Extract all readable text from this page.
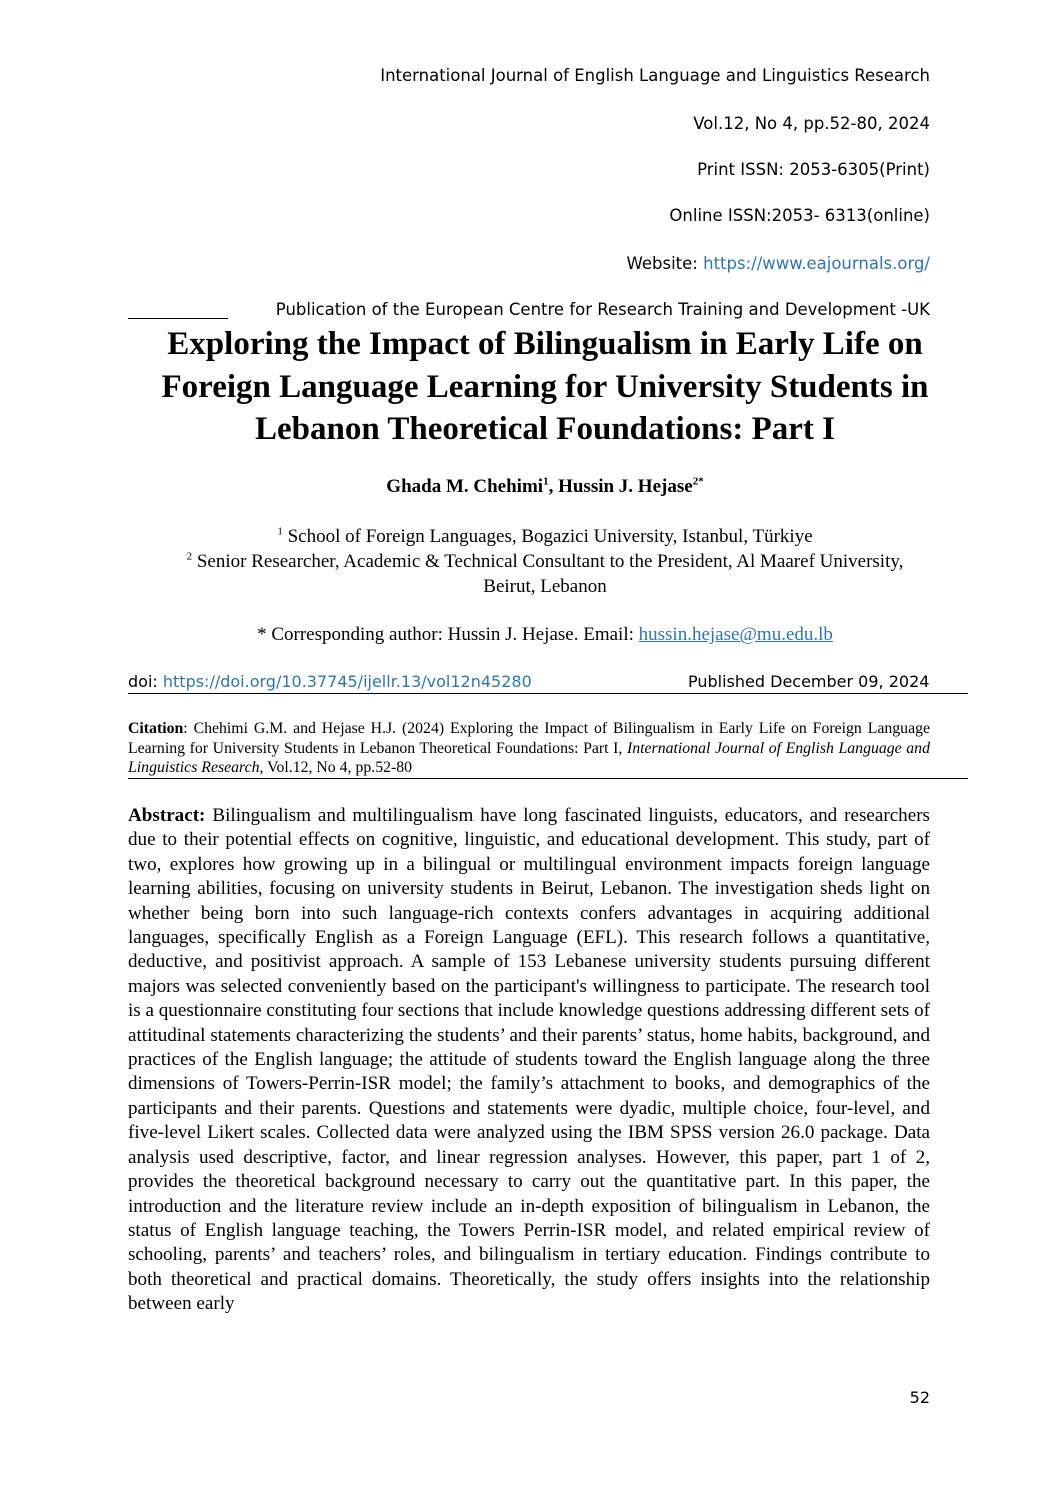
International Journal of English Language and Linguistics Research
Vol.12, No 4, pp.52-80, 2024
Print ISSN: 2053-6305(Print)
Online ISSN:2053- 6313(online)
Website: https://www.eajournals.org/
Publication of the European Centre for Research Training and Development -UK
Exploring the Impact of Bilingualism in Early Life on
Foreign Language Learning for University Students in
Lebanon Theoretical Foundations: Part I
Ghada M. Chehimi$^1$, Hussin J. Hejase$^{2*}$
$^1$ School of Foreign Languages, Bogazici University, Istanbul, Türkiye
$^2$ Senior Researcher, Academic & Technical Consultant to the President, Al Maaref University,
Beirut, Lebanon
* Corresponding author: Hussin J. Hejase. Email: hussin.hejase@mu.edu.lb
doi: https://doi.org/10.37745/ijellr.13/vol12n45280	Published December 09, 2024
Citation: Chehimi G.M. and Hejase H.J. (2024) Exploring the Impact of Bilingualism in Early Life on Foreign Language Learning for University Students in Lebanon Theoretical Foundations: Part I, International Journal of English Language and Linguistics Research, Vol.12, No 4, pp.52-80
Abstract: Bilingualism and multilingualism have long fascinated linguists, educators, and researchers due to their potential effects on cognitive, linguistic, and educational development. This study, part of two, explores how growing up in a bilingual or multilingual environment impacts foreign language learning abilities, focusing on university students in Beirut, Lebanon. The investigation sheds light on whether being born into such language-rich contexts confers advantages in acquiring additional languages, specifically English as a Foreign Language (EFL). This research follows a quantitative, deductive, and positivist approach. A sample of 153 Lebanese university students pursuing different majors was selected conveniently based on the participant's willingness to participate. The research tool is a questionnaire constituting four sections that include knowledge questions addressing different sets of attitudinal statements characterizing the students’ and their parents’ status, home habits, background, and practices of the English language; the attitude of students toward the English language along the three dimensions of Towers-Perrin-ISR model; the family’s attachment to books, and demographics of the participants and their parents. Questions and statements were dyadic, multiple choice, four-level, and five-level Likert scales. Collected data were analyzed using the IBM SPSS version 26.0 package. Data analysis used descriptive, factor, and linear regression analyses. However, this paper, part 1 of 2, provides the theoretical background necessary to carry out the quantitative part. In this paper, the introduction and the literature review include an in-depth exposition of bilingualism in Lebanon, the status of English language teaching, the Towers Perrin-ISR model, and related empirical review of schooling, parents’ and teachers’ roles, and bilingualism in tertiary education. Findings contribute to both theoretical and practical domains. Theoretically, the study offers insights into the relationship between early
52
